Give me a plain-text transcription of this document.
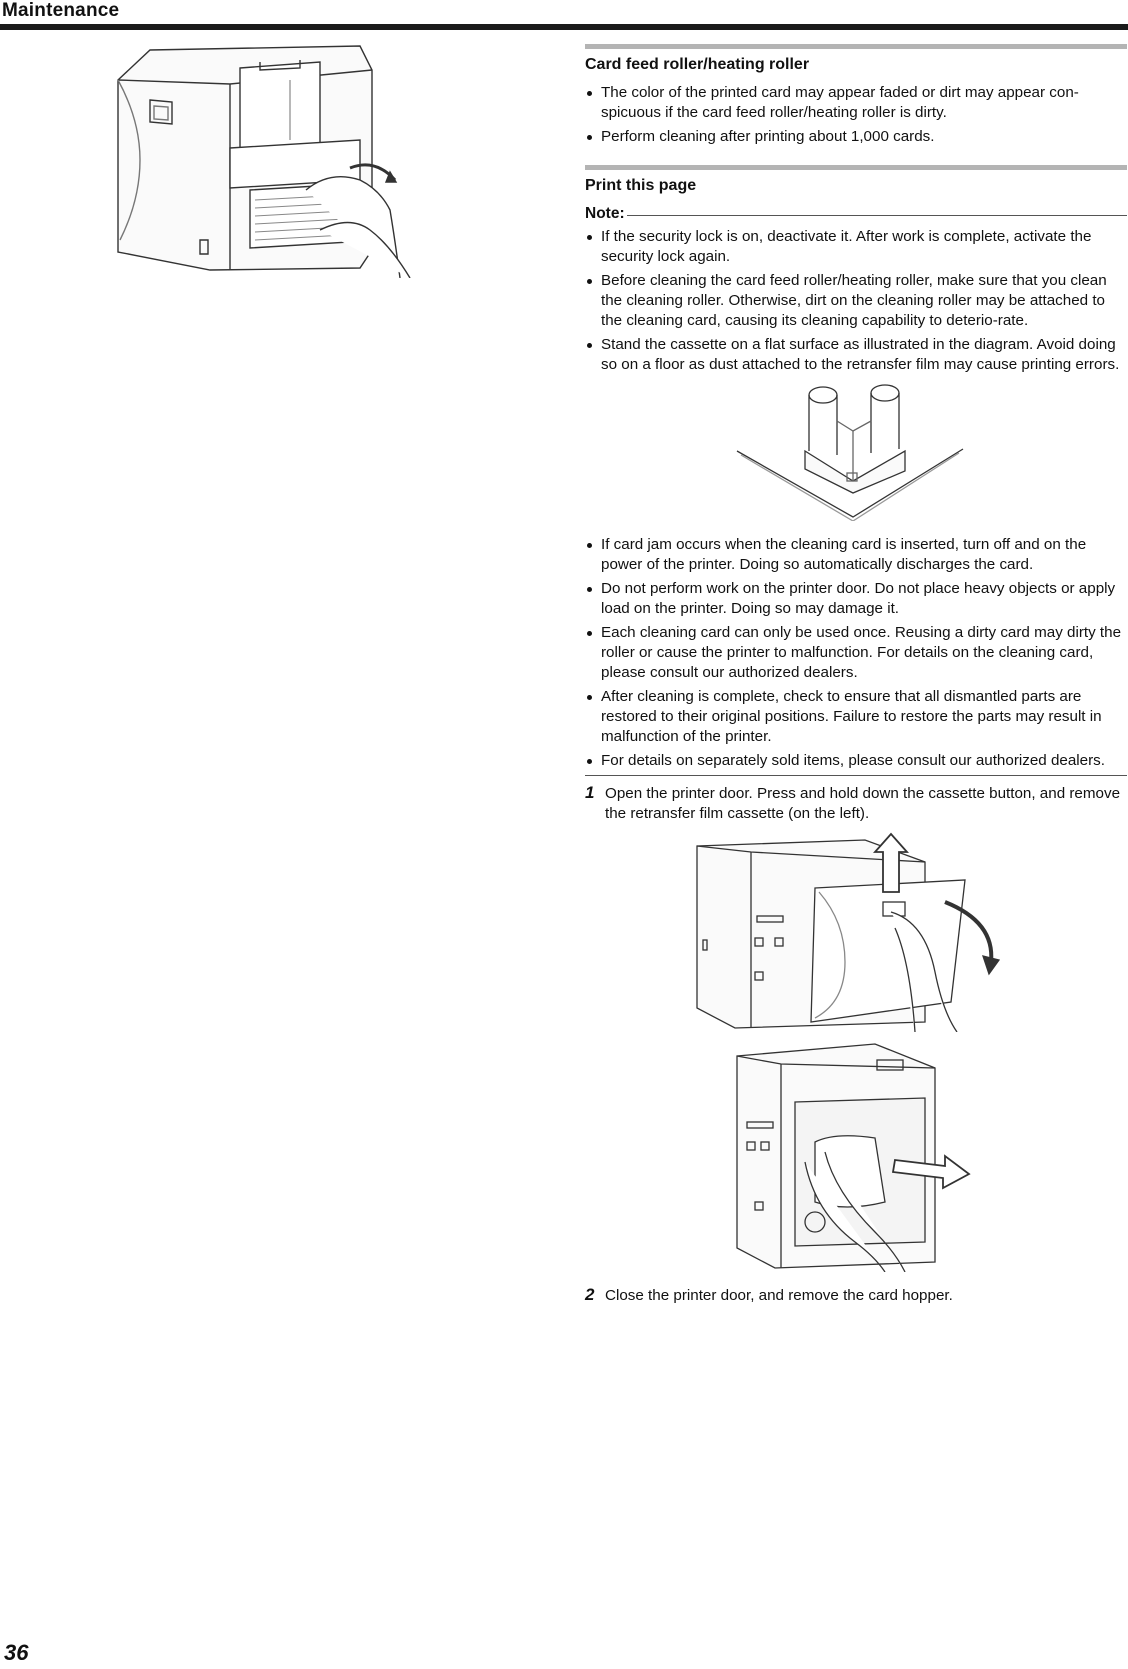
Maintenance
Card feed roller/heating roller
The color of the printed card may appear faded or dirt may appear con-spicuous if the card feed roller/heating roller is dirty.
Perform cleaning after printing about 1,000 cards.
Print this page
Note:
If the security lock is on, deactivate it. After work is complete, activate the security lock again.
Before cleaning the card feed roller/heating roller, make sure that you clean the cleaning roller. Otherwise, dirt on the cleaning roller may be attached to the cleaning card, causing its cleaning capability to deterio-rate.
Stand the cassette on a flat surface as illustrated in the diagram. Avoid doing so on a floor as dust attached to the retransfer film may cause printing errors.
If card jam occurs when the cleaning card is inserted, turn off and on the power of the printer. Doing so automatically discharges the card.
Do not perform work on the printer door. Do not place heavy objects or apply load on the printer. Doing so may damage it.
Each cleaning card can only be used once. Reusing a dirty card may dirty the roller or cause the printer to malfunction. For details on the cleaning card, please consult our authorized dealers.
After cleaning is complete, check to ensure that all dismantled parts are restored to their original positions. Failure to restore the parts may result in malfunction of the printer.
For details on separately sold items, please consult our authorized dealers.
1 Open the printer door. Press and hold down the cassette button, and remove the retransfer film cassette (on the left).
2 Close the printer door, and remove the card hopper.
36
